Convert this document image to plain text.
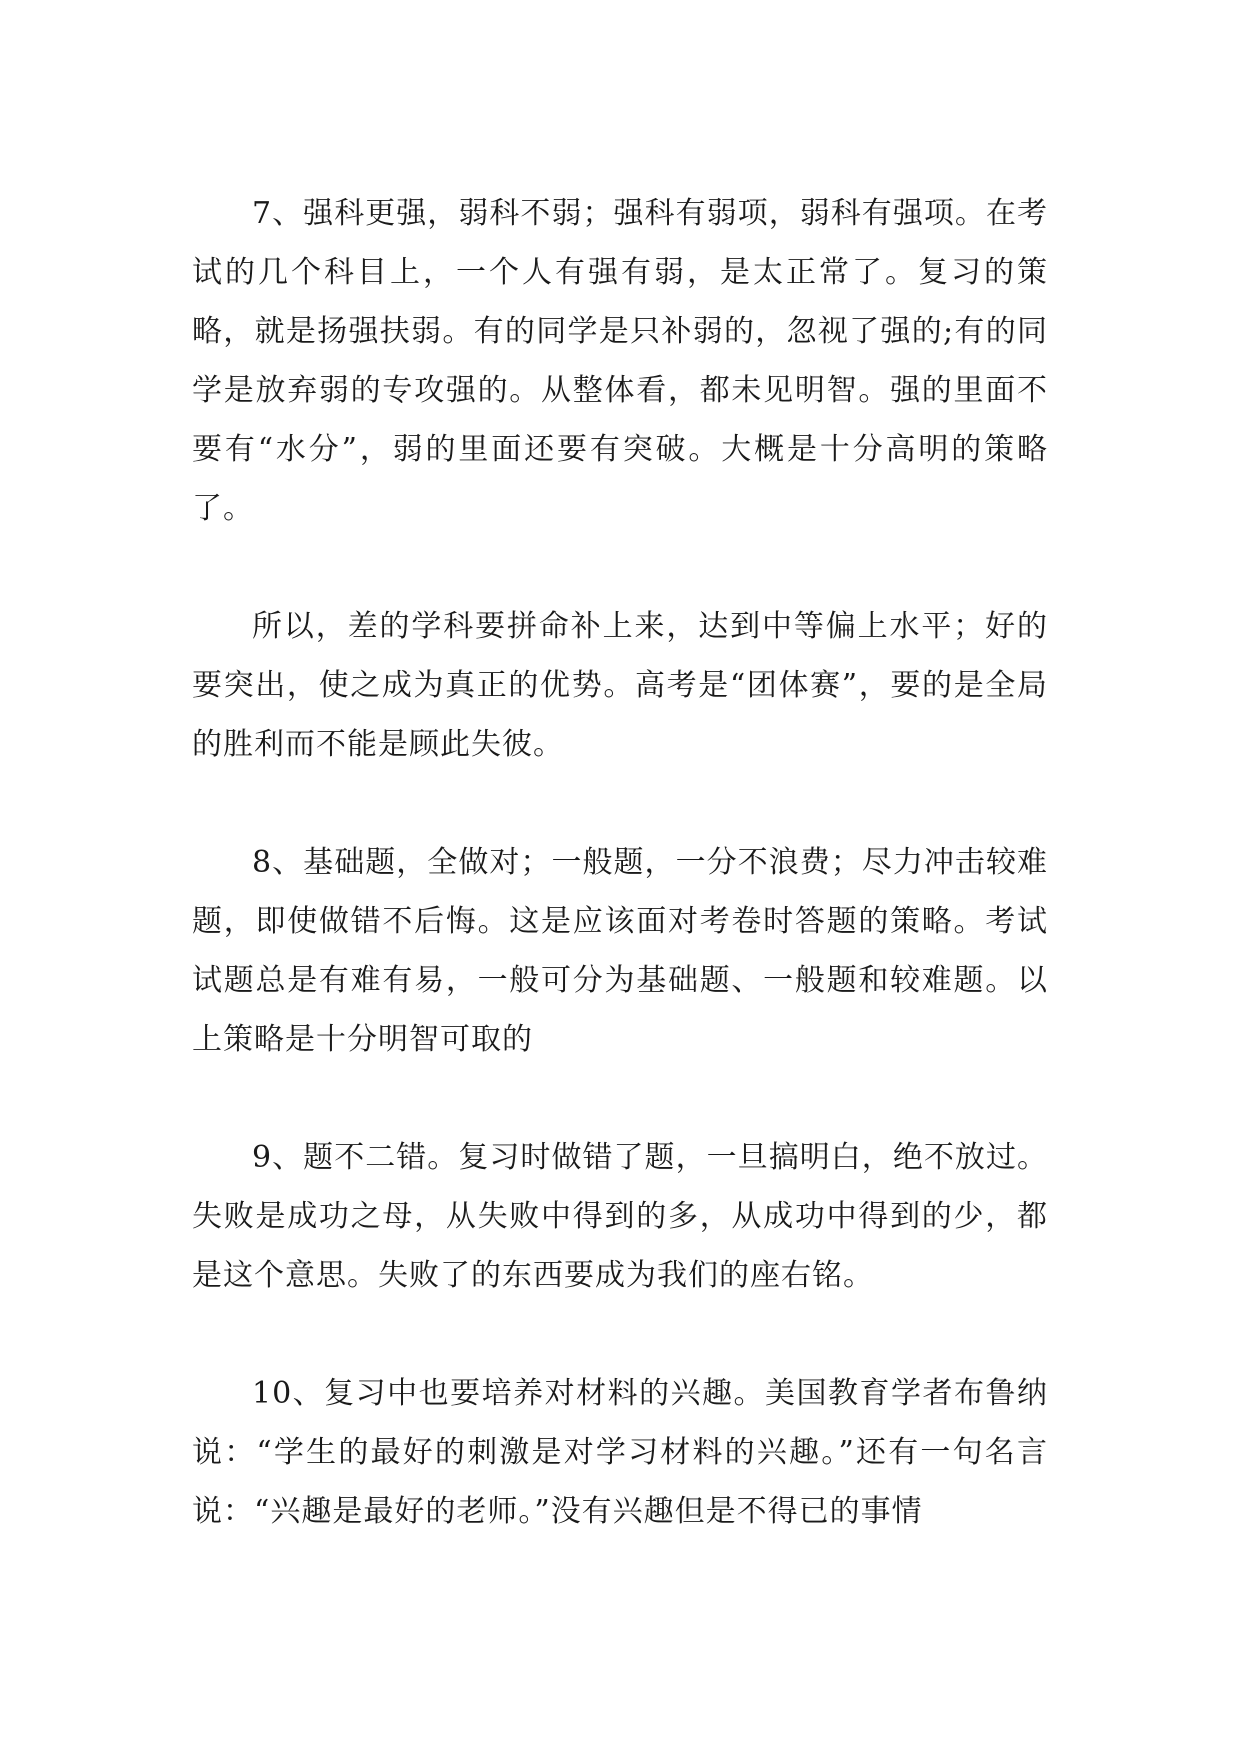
7、强科更强，弱科不弱；强科有弱项，弱科有强项。在考试的几个科目上，一个人有强有弱，是太正常了。复习的策略，就是扬强扶弱。有的同学是只补弱的，忽视了强的;有的同学是放弃弱的专攻强的。从整体看，都未见明智。强的里面不要有“水分”，弱的里面还要有突破。大概是十分高明的策略了。

所以，差的学科要拼命补上来，达到中等偏上水平；好的要突出，使之成为真正的优势。高考是“团体赛”，要的是全局的胜利而不能是顾此失彼。

8、基础题，全做对；一般题，一分不浪费；尽力冲击较难题，即使做错不后悔。这是应该面对考卷时答题的策略。考试试题总是有难有易，一般可分为基础题、一般题和较难题。以上策略是十分明智可取的

9、题不二错。复习时做错了题，一旦搞明白，绝不放过。失败是成功之母，从失败中得到的多，从成功中得到的少，都是这个意思。失败了的东西要成为我们的座右铭。

10、复习中也要培养对材料的兴趣。美国教育学者布鲁纳说：“学生的最好的刺激是对学习材料的兴趣。”还有一句名言说：“兴趣是最好的老师。”没有兴趣但是不得已的事情
